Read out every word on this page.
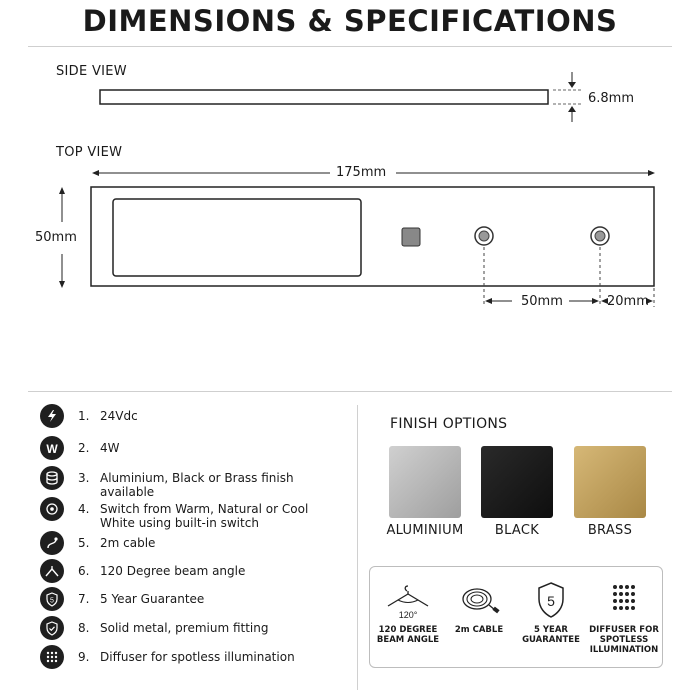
DIMENSIONS & SPECIFICATIONS
SIDE VIEW
6.8mm
TOP VIEW
175mm
50mm
50mm	20mm
1. 24Vdc
W 2. 4W
3. Aluminium, Black or Brass finish available
4. Switch from Warm, Natural or Cool White using built-in switch
5. 2m cable
6. 120 Degree beam angle
5 7. 5 Year Guarantee
8. Solid metal, premium fitting
9. Diffuser for spotless illumination
FINISH OPTIONS
ALUMINIUM	BLACK	BRASS
120°
120 DEGREE BEAM ANGLE
2m CABLE
5
5 YEAR GUARANTEE
DIFFUSER FOR SPOTLESS ILLUMINATION
